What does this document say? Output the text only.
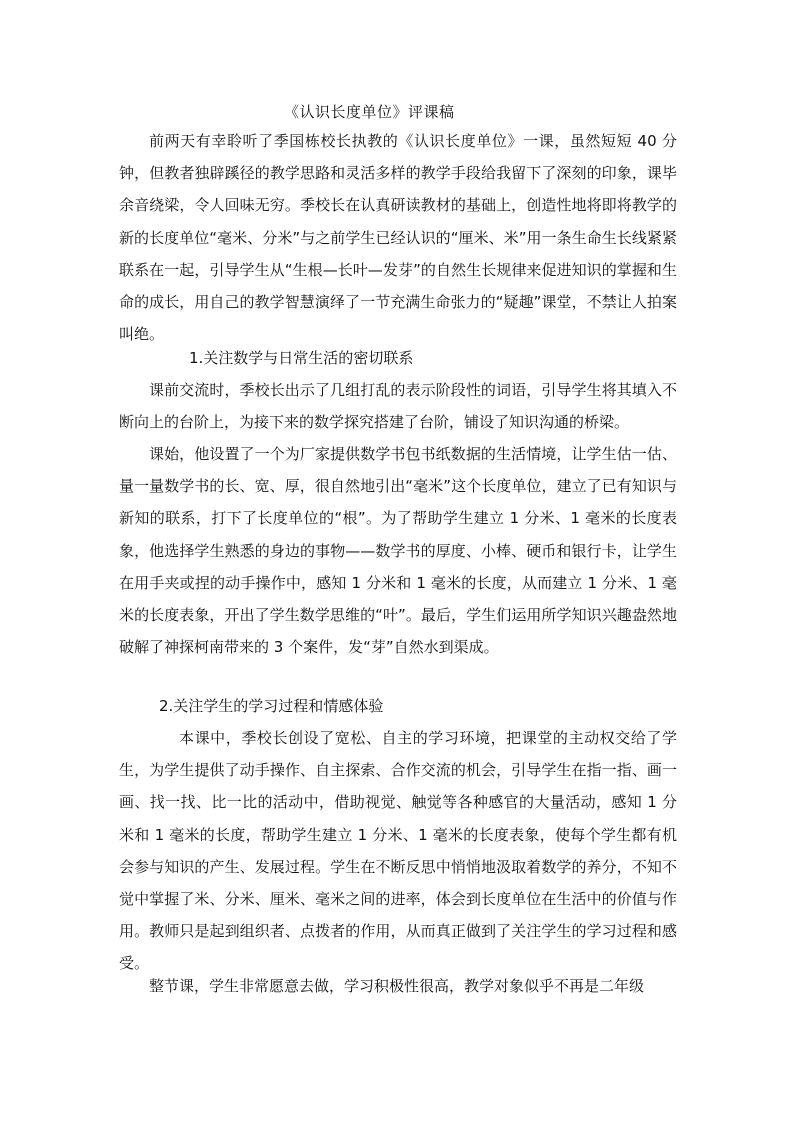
《认识长度单位》评课稿

前两天有幸聆听了季国栋校长执教的《认识长度单位》一课，虽然短短 40 分钟，但教者独辟蹊径的教学思路和灵活多样的教学手段给我留下了深刻的印象，课毕余音绕梁，令人回味无穷。季校长在认真研读教材的基础上，创造性地将即将教学的新的长度单位“毫米、分米”与之前学生已经认识的“厘米、米”用一条生命生长线紧紧联系在一起，引导学生从“生根—长叶—发芽”的自然生长规律来促进知识的掌握和生命的成长，用自己的教学智慧演绎了一节充满生命张力的“疑趣”课堂，不禁让人拍案叫绝。

1.关注数学与日常生活的密切联系

课前交流时，季校长出示了几组打乱的表示阶段性的词语，引导学生将其填入不断向上的台阶上，为接下来的数学探究搭建了台阶，铺设了知识沟通的桥梁。

课始，他设置了一个为厂家提供数学书包书纸数据的生活情境，让学生估一估、量一量数学书的长、宽、厚，很自然地引出“毫米”这个长度单位，建立了已有知识与新知的联系，打下了长度单位的“根”。为了帮助学生建立 1 分米、1 毫米的长度表象，他选择学生熟悉的身边的事物——数学书的厚度、小棒、硬币和银行卡，让学生在用手夹或捏的动手操作中，感知 1 分米和 1 毫米的长度，从而建立 1 分米、1 毫米的长度表象，开出了学生数学思维的“叶”。最后，学生们运用所学知识兴趣盎然地破解了神探柯南带来的 3 个案件，发“芽”自然水到渠成。

2.关注学生的学习过程和情感体验

本课中，季校长创设了宽松、自主的学习环境，把课堂的主动权交给了学生，为学生提供了动手操作、自主探索、合作交流的机会，引导学生在指一指、画一画、找一找、比一比的活动中，借助视觉、触觉等各种感官的大量活动，感知 1 分米和 1 毫米的长度，帮助学生建立 1 分米、1 毫米的长度表象，使每个学生都有机会参与知识的产生、发展过程。学生在不断反思中悄悄地汲取着数学的养分，不知不觉中掌握了米、分米、厘米、毫米之间的进率，体会到长度单位在生活中的价值与作用。教师只是起到组织者、点拨者的作用，从而真正做到了关注学生的学习过程和感受。

整节课，学生非常愿意去做，学习积极性很高，教学对象似乎不再是二年级
